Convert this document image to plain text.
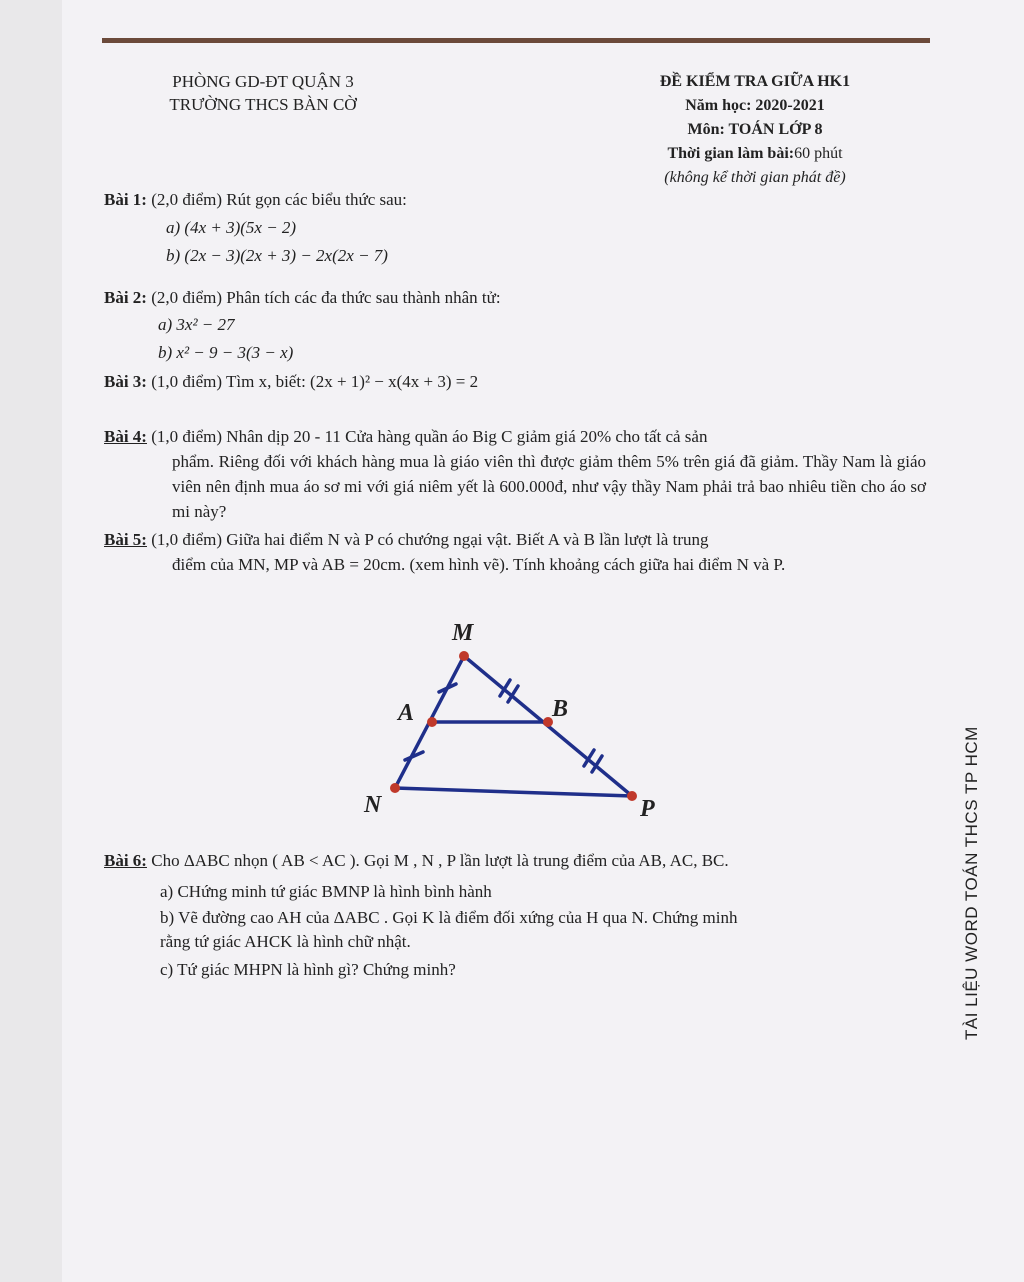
PHÒNG GD-ĐT QUẬN 3
TRƯỜNG THCS BÀN CỜ
ĐỀ KIỂM TRA GIỮA HK1
Năm học: 2020-2021
Môn: TOÁN LỚP 8
Thời gian làm bài:60 phút
(không kể thời gian phát đề)
Bài 1: (2,0 điểm) Rút gọn các biểu thức sau:
a) (4x + 3)(5x − 2)
b) (2x − 3)(2x + 3) − 2x(2x − 7)
Bài 2: (2,0 điểm) Phân tích các đa thức sau thành nhân tử:
a) 3x² − 27
b) x² − 9 − 3(3 − x)
Bài 3: (1,0 điểm) Tìm x, biết: (2x + 1)² − x(4x + 3) = 2
Bài 4: (1,0 điểm) Nhân dịp 20 - 11 Cửa hàng quần áo Big C giảm giá 20% cho tất cả sản
phẩm. Riêng đối với khách hàng mua là giáo viên thì được giảm thêm 5% trên giá đã giảm. Thầy Nam là giáo viên nên định mua áo sơ mi với giá niêm yết là 600.000đ, như vậy thầy Nam phải trả bao nhiêu tiền cho áo sơ mi này?
Bài 5: (1,0 điểm) Giữa hai điểm N và P có chướng ngại vật. Biết A và B lần lượt là trung
điểm của MN, MP và AB = 20cm. (xem hình vẽ). Tính khoảng cách giữa hai điểm N và P.
M
A	B
N	P
Bài 6: Cho ΔABC nhọn ( AB < AC ). Gọi M , N , P lần lượt là trung điểm của AB, AC, BC.
a) CHứng minh tứ giác BMNP là hình bình hành
b) Vẽ đường cao AH của ΔABC . Gọi K là điểm đối xứng của H qua N. Chứng minh
rằng tứ giác AHCK là hình chữ nhật.
c) Tứ giác MHPN là hình gì? Chứng minh?	TÀI LIỆU WORD TOÁN THCS TP HCM
